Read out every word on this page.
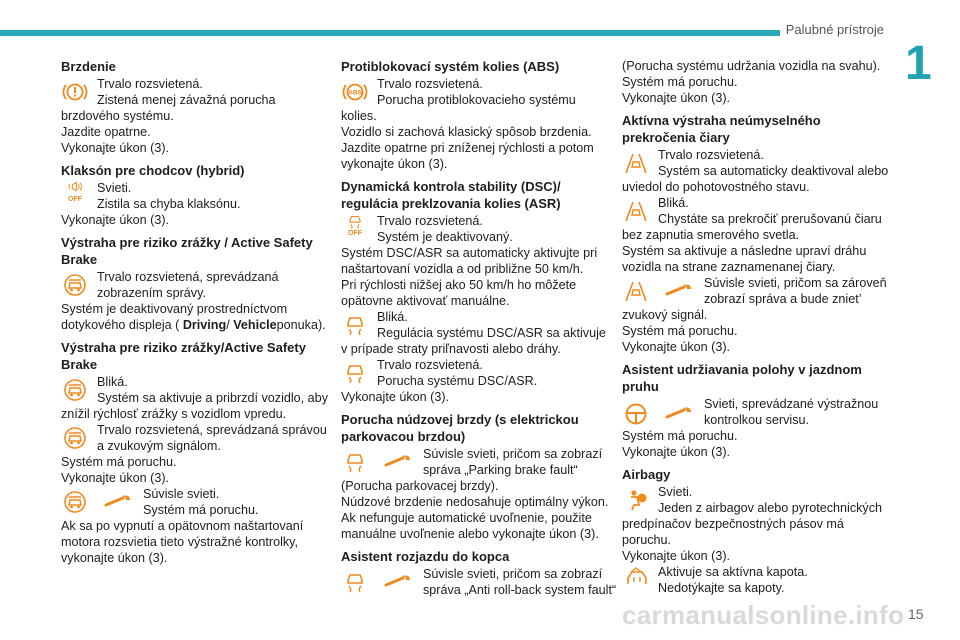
Palubné prístroje
1
15
carmanualsonline.info
Brzdenie
Trvalo rozsvietená.
Zistená menej závažná porucha
brzdového systému.
Jazdite opatrne.
Vykonajte úkon (3).
Klaksón pre chodcov (hybrid)
OFF
Svieti.
Zistila sa chyba klaksónu.
Vykonajte úkon (3).
Výstraha pre riziko zrážky / Active Safety Brake
Trvalo rozsvietená, sprevádzaná
zobrazením správy.
Systém je deaktivovaný prostredníctvom
dotykového displeja ( Driving/ Vehicleponuka).
Výstraha pre riziko zrážky/Active Safety Brake
Bliká.
Systém sa aktivuje a pribrzdí vozidlo, aby
znížil rýchlosť zrážky s vozidlom vpredu.
Trvalo rozsvietená, sprevádzaná správou
a zvukovým signálom.
Systém má poruchu.
Vykonajte úkon (3).
Súvisle svieti.
Systém má poruchu.
Ak sa po vypnutí a opätovnom naštartovaní
motora rozsvietia tieto výstražné kontrolky,
vykonajte úkon (3).
Protiblokovací systém kolies (ABS)
Trvalo rozsvietená.
Porucha protiblokovacieho systému
kolies.
Vozidlo si zachová klasický spôsob brzdenia.
Jazdite opatrne pri zníženej rýchlosti a potom
vykonajte úkon (3).
Dynamická kontrola stability (DSC)/ regulácia preklzovania kolies (ASR)
OFF
Trvalo rozsvietená.
Systém je deaktivovaný.
Systém DSC/ASR sa automaticky aktivujte pri
naštartovaní vozidla a od približne 50 km/h.
Pri rýchlosti nižšej ako 50 km/h ho môžete
opätovne aktivovať manuálne.
Bliká.
Regulácia systému DSC/ASR sa aktivuje
v prípade straty priľnavosti alebo dráhy.
Trvalo rozsvietená.
Porucha systému DSC/ASR.
Vykonajte úkon (3).
Porucha núdzovej brzdy (s elektrickou parkovacou brzdou)
Súvisle svieti, pričom sa zobrazí
správa „Parking brake fault“
(Porucha parkovacej brzdy).
Núdzové brzdenie nedosahuje optimálny výkon.
Ak nefunguje automatické uvoľnenie, použite
manuálne uvoľnenie alebo vykonajte úkon (3).
Asistent rozjazdu do kopca
Súvisle svieti, pričom sa zobrazí
správa „Anti roll-back system fault“
(Porucha systému udržania vozidla na svahu).
Systém má poruchu.
Vykonajte úkon (3).
Aktívna výstraha neúmyselného prekročenia čiary
Trvalo rozsvietená.
Systém sa automaticky deaktivoval alebo
uviedol do pohotovostného stavu.
Bliká.
Chystáte sa prekročiť prerušovanú čiaru
bez zapnutia smerového svetla.
Systém sa aktivuje a následne upraví dráhu
vozidla na strane zaznamenanej čiary.
Súvisle svieti, pričom sa zároveň
zobrazí správa a bude zniet’
zvukový signál.
Systém má poruchu.
Vykonajte úkon (3).
Asistent udržiavania polohy v jazdnom pruhu
Svieti, sprevádzané výstražnou
kontrolkou servisu.
Systém má poruchu.
Vykonajte úkon (3).
Airbagy
Svieti.
Jeden z airbagov alebo pyrotechnických
predpínačov bezpečnostných pásov má
poruchu.
Vykonajte úkon (3).
Aktivuje sa aktívna kapota.
Nedotýkajte sa kapoty.
